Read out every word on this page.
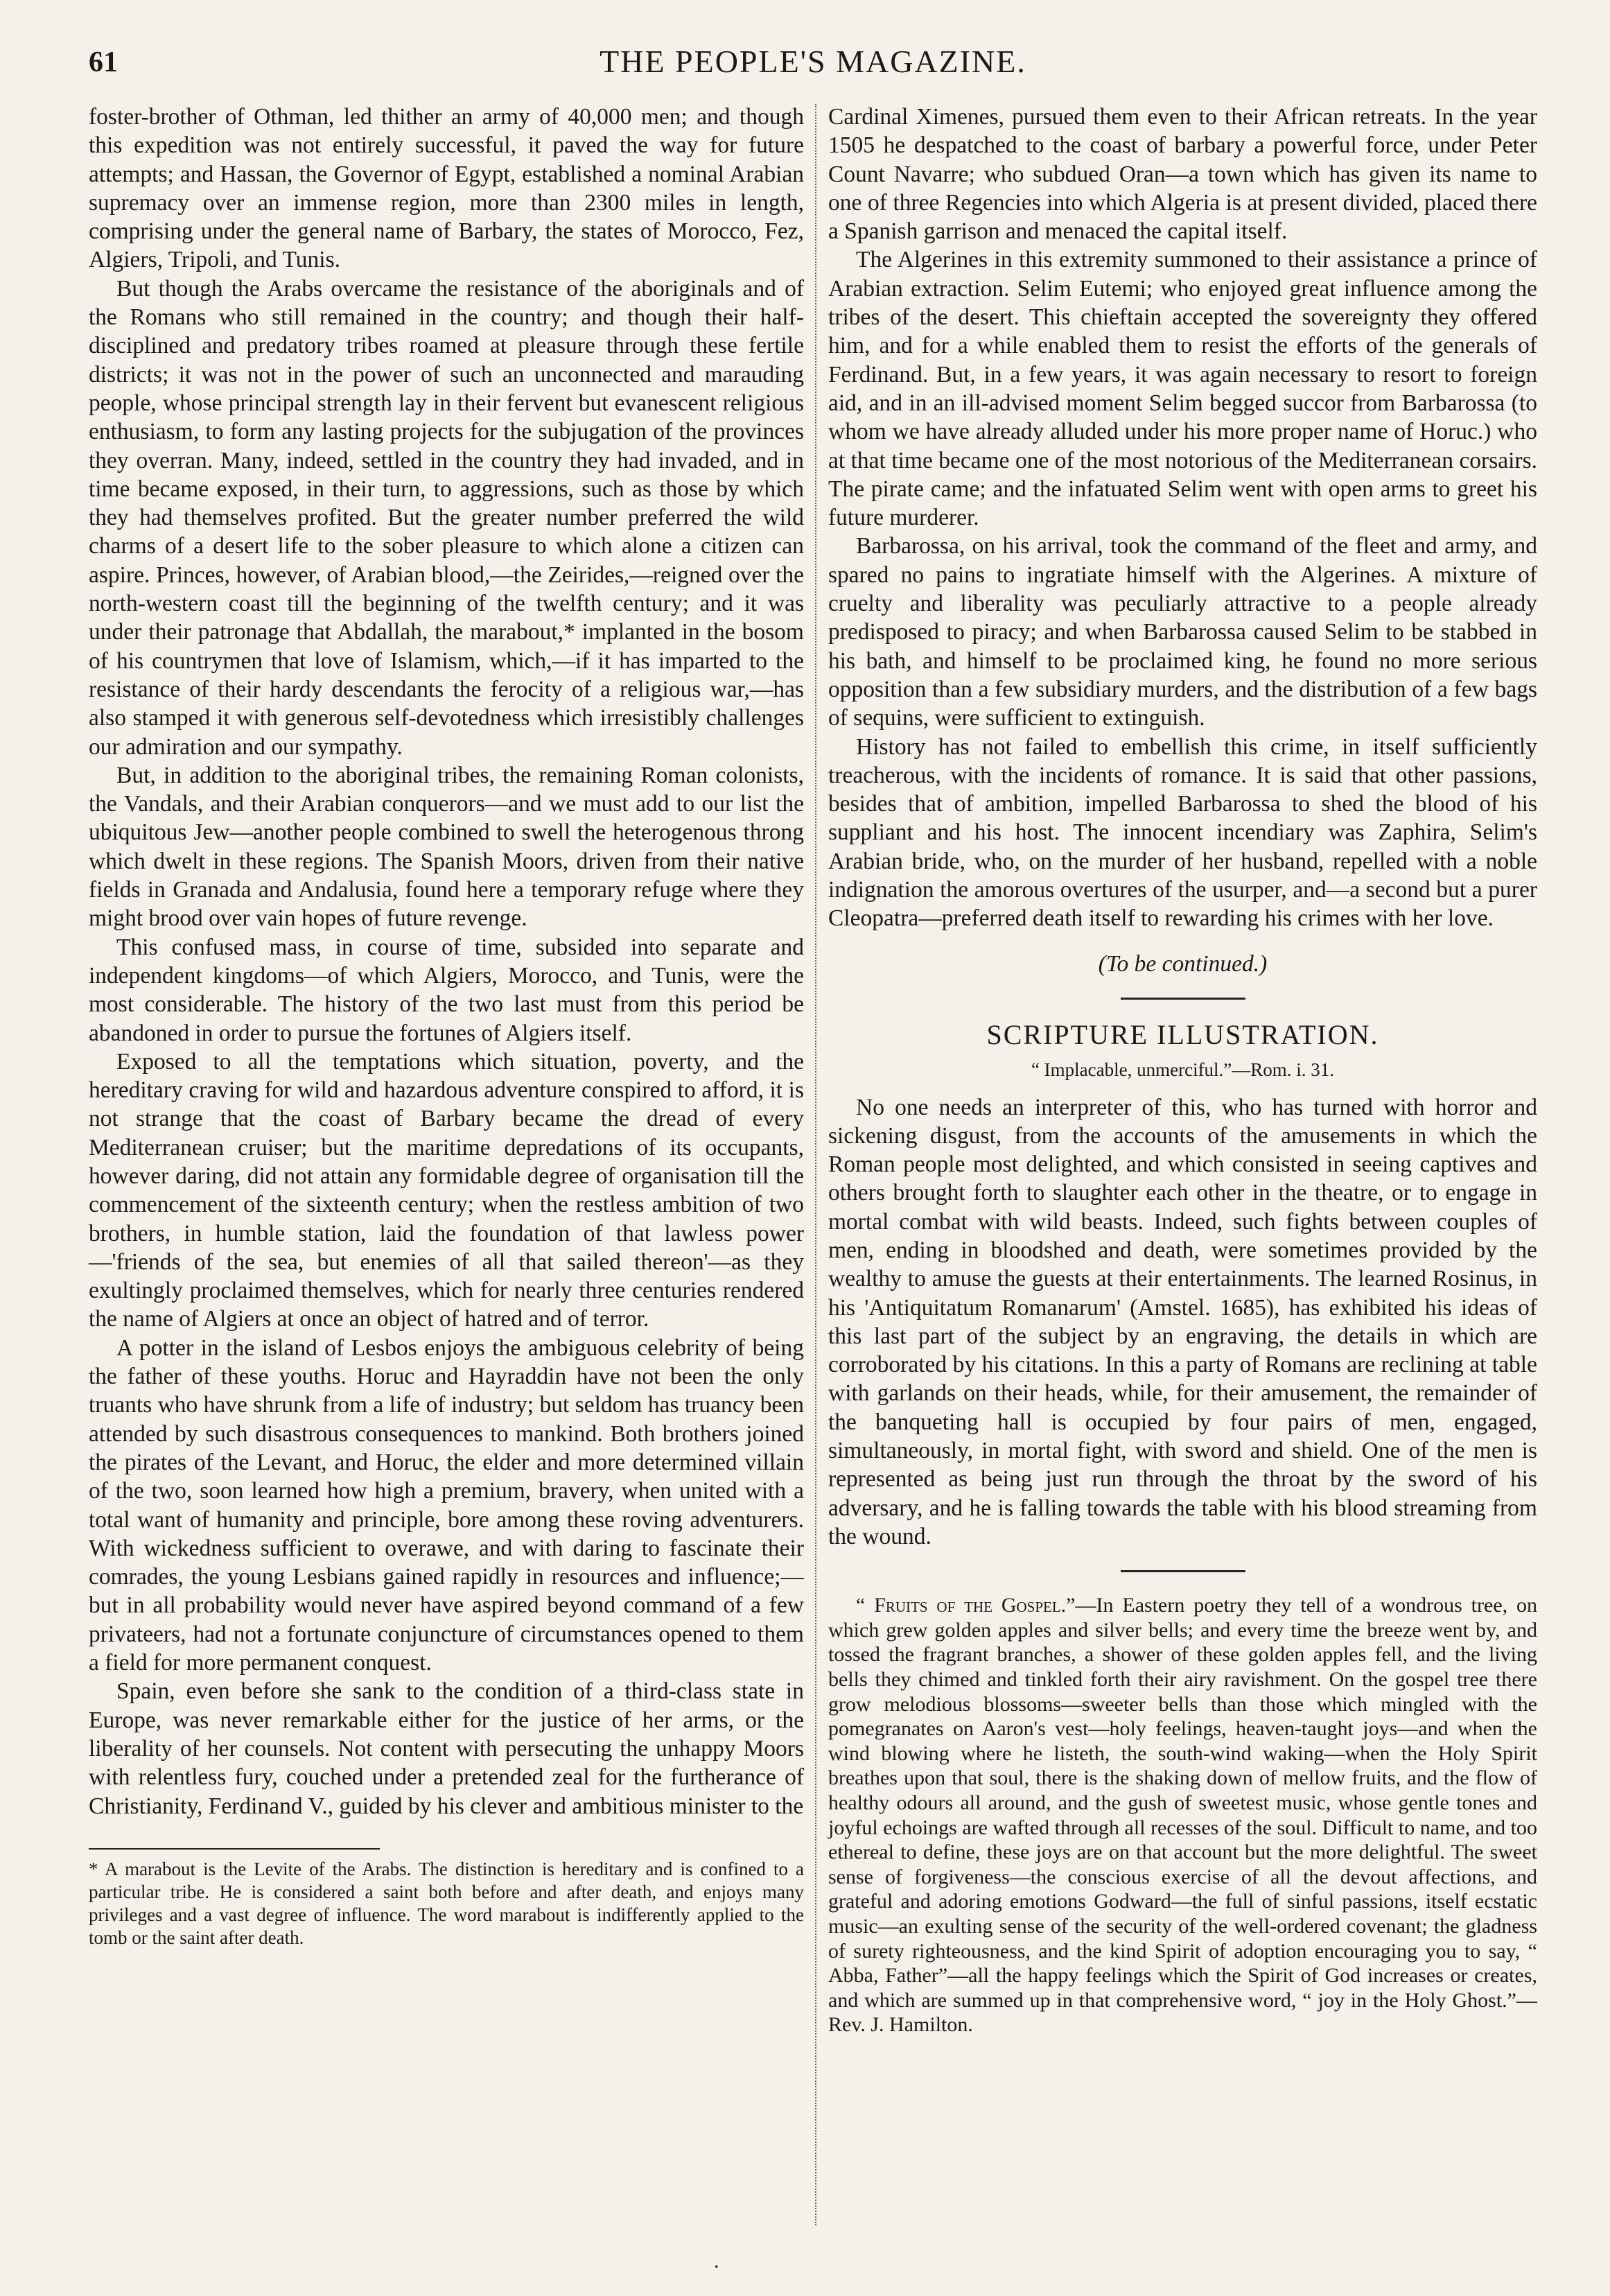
61	THE PEOPLE'S MAGAZINE.

foster-brother of Othman, led thither an army of 40,000 men; and though this expedition was not entirely successful, it paved the way for future attempts; and Hassan, the Governor of Egypt, established a nominal Arabian supremacy over an immense region, more than 2300 miles in length, comprising under the general name of Barbary, the states of Morocco, Fez, Algiers, Tripoli, and Tunis.

But though the Arabs overcame the resistance of the aboriginals and of the Romans who still remained in the country; and though their half-disciplined and predatory tribes roamed at pleasure through these fertile districts; it was not in the power of such an unconnected and marauding people, whose principal strength lay in their fervent but evanescent religious enthusiasm, to form any lasting projects for the subjugation of the provinces they overran. Many, indeed, settled in the country they had invaded, and in time became exposed, in their turn, to aggressions, such as those by which they had themselves profited. But the greater number preferred the wild charms of a desert life to the sober pleasure to which alone a citizen can aspire. Princes, however, of Arabian blood,—the Zeirides,—reigned over the north-western coast till the beginning of the twelfth century; and it was under their patronage that Abdallah, the marabout,* implanted in the bosom of his countrymen that love of Islamism, which,—if it has imparted to the resistance of their hardy descendants the ferocity of a religious war,—has also stamped it with generous self-devotedness which irresistibly challenges our admiration and our sympathy.

But, in addition to the aboriginal tribes, the remaining Roman colonists, the Vandals, and their Arabian conquerors—and we must add to our list the ubiquitous Jew—another people combined to swell the heterogenous throng which dwelt in these regions. The Spanish Moors, driven from their native fields in Granada and Andalusia, found here a temporary refuge where they might brood over vain hopes of future revenge.

This confused mass, in course of time, subsided into separate and independent kingdoms—of which Algiers, Morocco, and Tunis, were the most considerable. The history of the two last must from this period be abandoned in order to pursue the fortunes of Algiers itself.

Exposed to all the temptations which situation, poverty, and the hereditary craving for wild and hazardous adventure conspired to afford, it is not strange that the coast of Barbary became the dread of every Mediterranean cruiser; but the maritime depredations of its occupants, however daring, did not attain any formidable degree of organisation till the commencement of the sixteenth century; when the restless ambition of two brothers, in humble station, laid the foundation of that lawless power—'friends of the sea, but enemies of all that sailed thereon'—as they exultingly proclaimed themselves, which for nearly three centuries rendered the name of Algiers at once an object of hatred and of terror.

A potter in the island of Lesbos enjoys the ambiguous celebrity of being the father of these youths. Horuc and Hayraddin have not been the only truants who have shrunk from a life of industry; but seldom has truancy been attended by such disastrous consequences to mankind. Both brothers joined the pirates of the Levant, and Horuc, the elder and more determined villain of the two, soon learned how high a premium, bravery, when united with a total want of humanity and principle, bore among these roving adventurers. With wickedness sufficient to overawe, and with daring to fascinate their comrades, the young Lesbians gained rapidly in resources and influence;—but in all probability would never have aspired beyond command of a few privateers, had not a fortunate conjuncture of circumstances opened to them a field for more permanent conquest.

Spain, even before she sank to the condition of a third-class state in Europe, was never remarkable either for the justice of her arms, or the liberality of her counsels. Not content with persecuting the unhappy Moors with relentless fury, couched under a pretended zeal for the furtherance of Christianity, Ferdinand V., guided by his clever and ambitious minister to the

* A marabout is the Levite of the Arabs. The distinction is hereditary and is confined to a particular tribe. He is considered a saint both before and after death, and enjoys many privileges and a vast degree of influence. The word marabout is indifferently applied to the tomb or the saint after death.

Cardinal Ximenes, pursued them even to their African retreats. In the year 1505 he despatched to the coast of barbary a powerful force, under Peter Count Navarre; who subdued Oran—a town which has given its name to one of three Regencies into which Algeria is at present divided, placed there a Spanish garrison and menaced the capital itself.

The Algerines in this extremity summoned to their assistance a prince of Arabian extraction. Selim Eutemi; who enjoyed great influence among the tribes of the desert. This chieftain accepted the sovereignty they offered him, and for a while enabled them to resist the efforts of the generals of Ferdinand. But, in a few years, it was again necessary to resort to foreign aid, and in an ill-advised moment Selim begged succor from Barbarossa (to whom we have already alluded under his more proper name of Horuc.) who at that time became one of the most notorious of the Mediterranean corsairs. The pirate came; and the infatuated Selim went with open arms to greet his future murderer.

Barbarossa, on his arrival, took the command of the fleet and army, and spared no pains to ingratiate himself with the Algerines. A mixture of cruelty and liberality was peculiarly attractive to a people already predisposed to piracy; and when Barbarossa caused Selim to be stabbed in his bath, and himself to be proclaimed king, he found no more serious opposition than a few subsidiary murders, and the distribution of a few bags of sequins, were sufficient to extinguish.

History has not failed to embellish this crime, in itself sufficiently treacherous, with the incidents of romance. It is said that other passions, besides that of ambition, impelled Barbarossa to shed the blood of his suppliant and his host. The innocent incendiary was Zaphira, Selim's Arabian bride, who, on the murder of her husband, repelled with a noble indignation the amorous overtures of the usurper, and—a second but a purer Cleopatra—preferred death itself to rewarding his crimes with her love.

(To be continued.)

SCRIPTURE ILLUSTRATION.

“ Implacable, unmerciful.”—Rom. i. 31.

No one needs an interpreter of this, who has turned with horror and sickening disgust, from the accounts of the amusements in which the Roman people most delighted, and which consisted in seeing captives and others brought forth to slaughter each other in the theatre, or to engage in mortal combat with wild beasts. Indeed, such fights between couples of men, ending in bloodshed and death, were sometimes provided by the wealthy to amuse the guests at their entertainments. The learned Rosinus, in his 'Antiquitatum Romanarum' (Amstel. 1685), has exhibited his ideas of this last part of the subject by an engraving, the details in which are corroborated by his citations. In this a party of Romans are reclining at table with garlands on their heads, while, for their amusement, the remainder of the banqueting hall is occupied by four pairs of men, engaged, simultaneously, in mortal fight, with sword and shield. One of the men is represented as being just run through the throat by the sword of his adversary, and he is falling towards the table with his blood streaming from the wound.

“ Fruits of the Gospel.”—In Eastern poetry they tell of a wondrous tree, on which grew golden apples and silver bells; and every time the breeze went by, and tossed the fragrant branches, a shower of these golden apples fell, and the living bells they chimed and tinkled forth their airy ravishment. On the gospel tree there grow melodious blossoms—sweeter bells than those which mingled with the pomegranates on Aaron's vest—holy feelings, heaven-taught joys—and when the wind blowing where he listeth, the south-wind waking—when the Holy Spirit breathes upon that soul, there is the shaking down of mellow fruits, and the flow of healthy odours all around, and the gush of sweetest music, whose gentle tones and joyful echoings are wafted through all recesses of the soul. Difficult to name, and too ethereal to define, these joys are on that account but the more delightful. The sweet sense of forgiveness—the conscious exercise of all the devout affections, and grateful and adoring emotions Godward—the full of sinful passions, itself ecstatic music—an exulting sense of the security of the well-ordered covenant; the gladness of surety righteousness, and the kind Spirit of adoption encouraging you to say, “ Abba, Father”—all the happy feelings which the Spirit of God increases or creates, and which are summed up in that comprehensive word, “ joy in the Holy Ghost.”—Rev. J. Hamilton.

.
